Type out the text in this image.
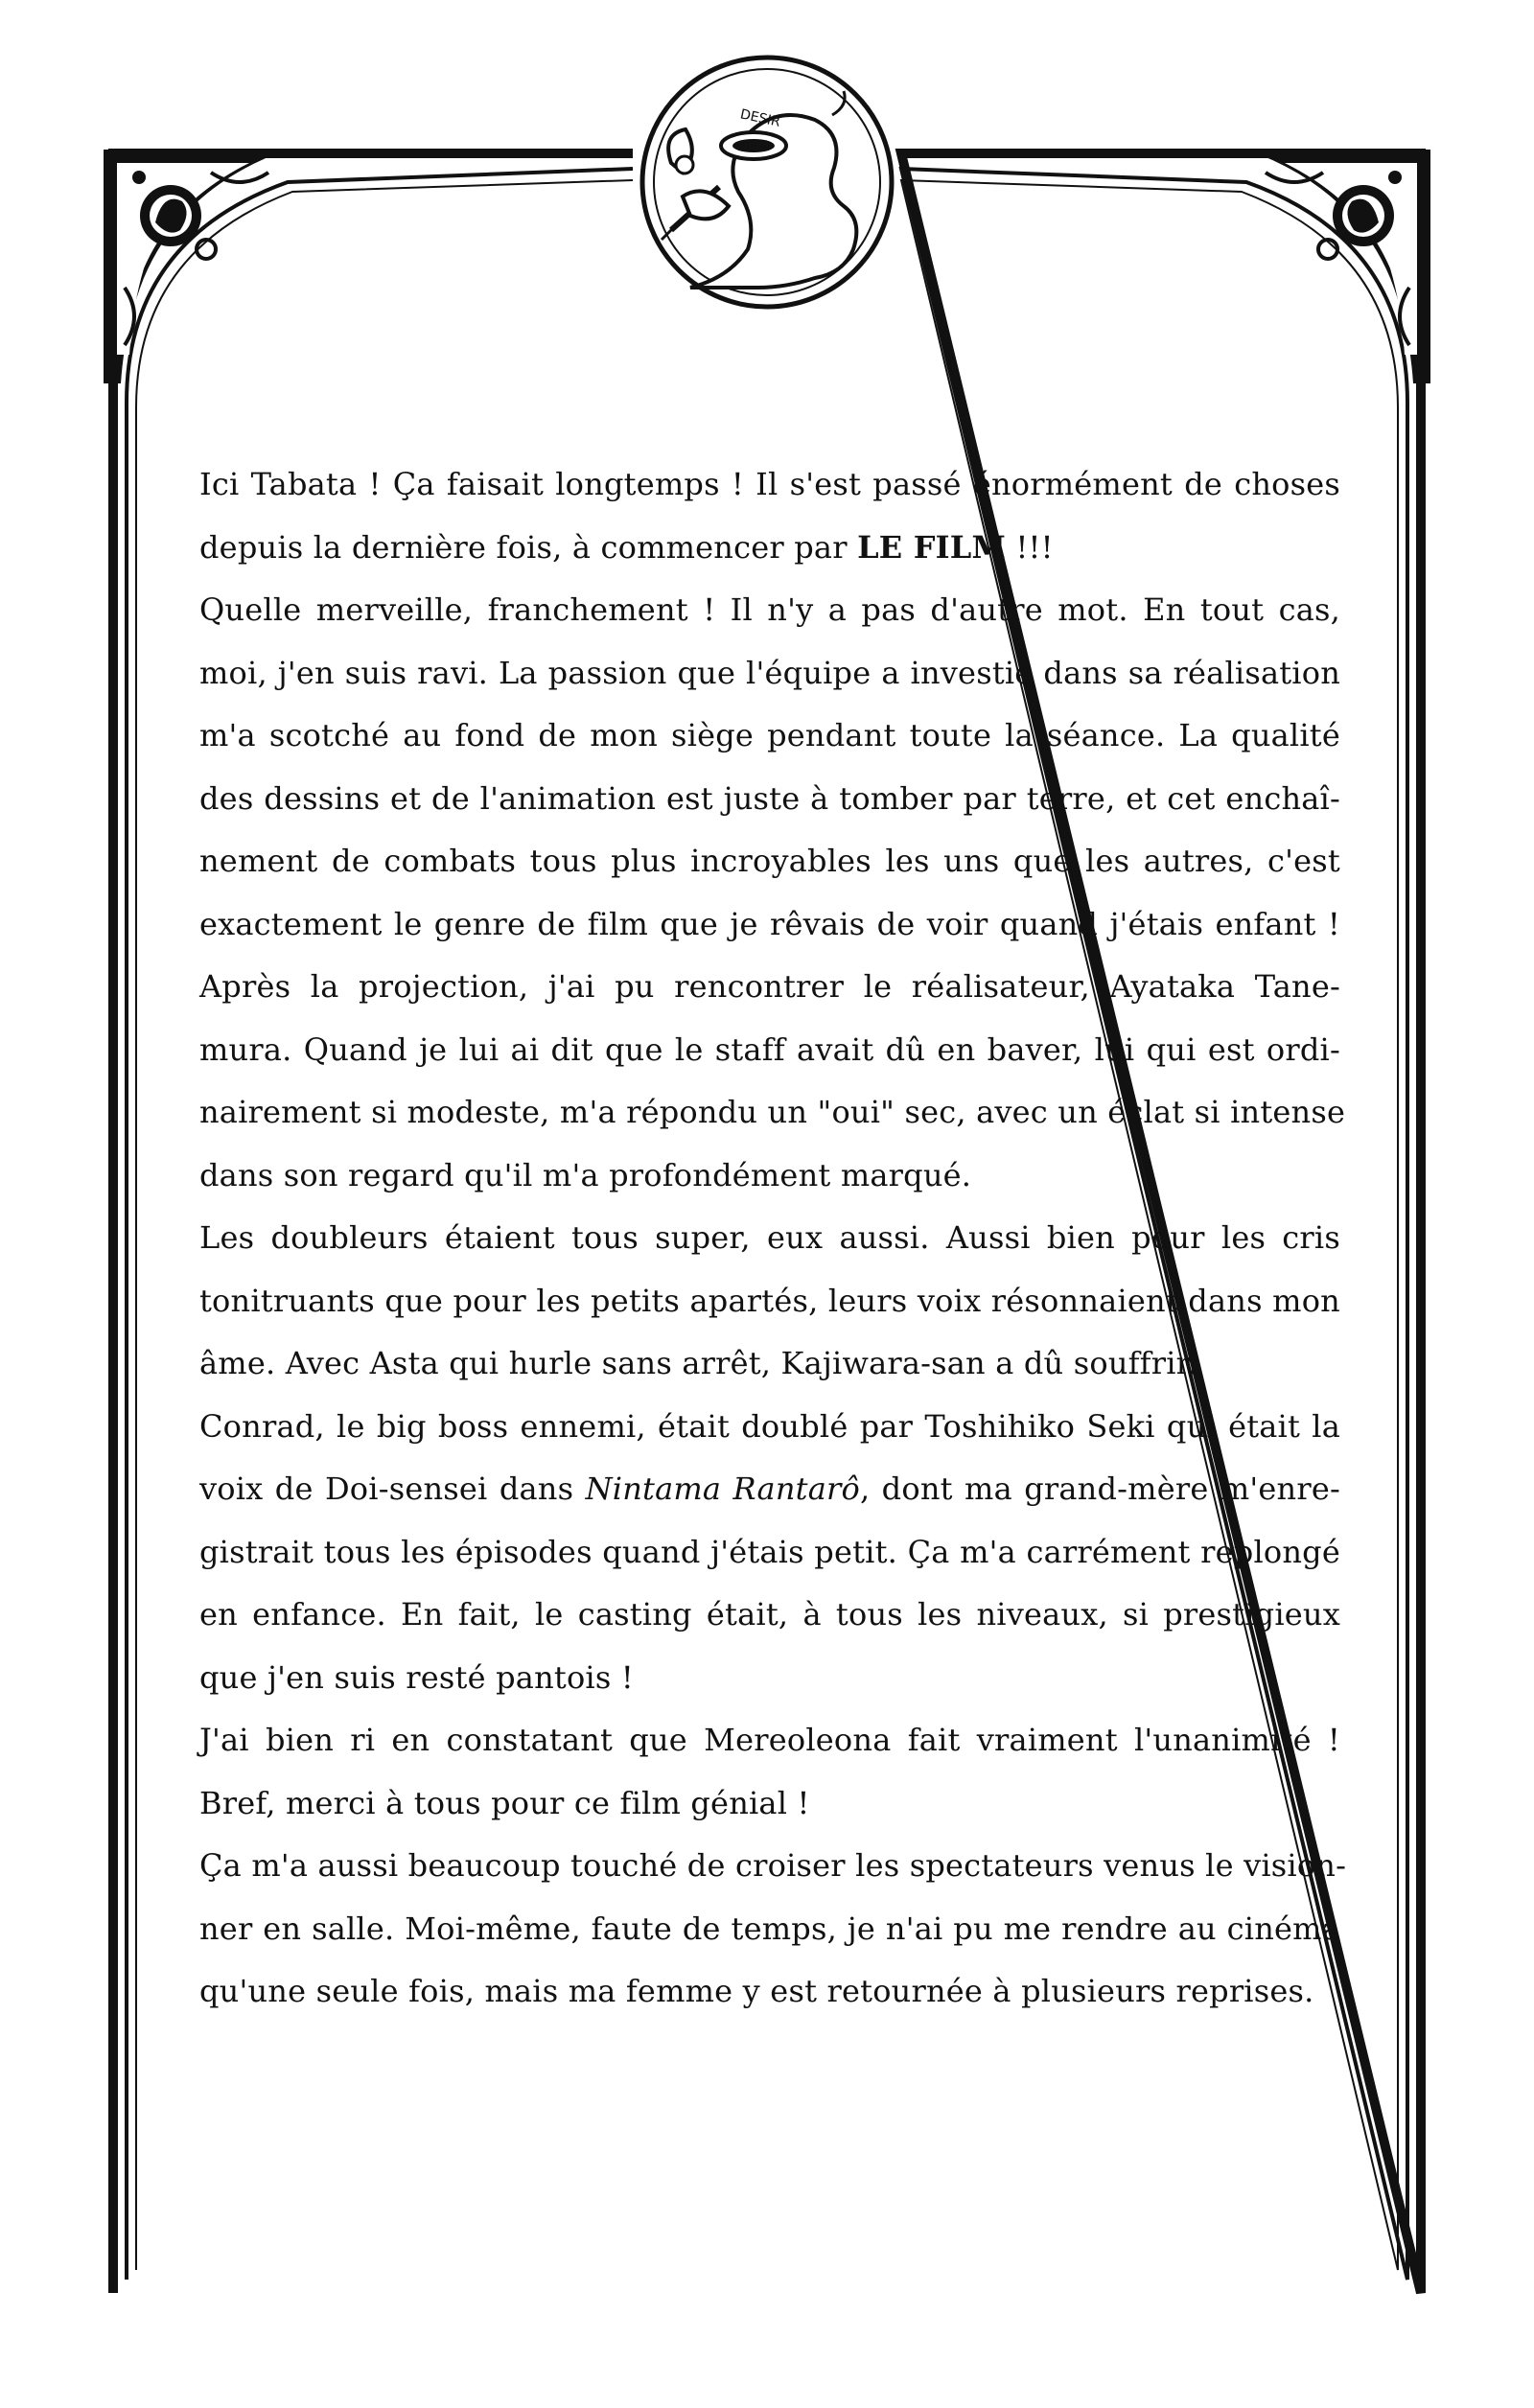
DESIR
Ici Tabata ! Ça faisait longtemps ! Il s'est passé énormément de choses
depuis la dernière fois, à commencer par LE FILM !!!
Quelle merveille, franchement ! Il n'y a pas d'autre mot. En tout cas,
moi, j'en suis ravi. La passion que l'équipe a investie dans sa réalisation
m'a scotché au fond de mon siège pendant toute la séance. La qualité
des dessins et de l'animation est juste à tomber par terre, et cet enchaî-
nement de combats tous plus incroyables les uns que les autres, c'est
exactement le genre de film que je rêvais de voir quand j'étais enfant !
Après la projection, j'ai pu rencontrer le réalisateur, Ayataka Tane-
mura. Quand je lui ai dit que le staff avait dû en baver, lui qui est ordi-
nairement si modeste, m'a répondu un "oui" sec, avec un éclat si intense
dans son regard qu'il m'a profondément marqué.
Les doubleurs étaient tous super, eux aussi. Aussi bien pour les cris
tonitruants que pour les petits apartés, leurs voix résonnaient dans mon
âme. Avec Asta qui hurle sans arrêt, Kajiwara-san a dû souffrir.
Conrad, le big boss ennemi, était doublé par Toshihiko Seki qui était la
voix de Doi-sensei dans Nintama Rantarô, dont ma grand-mère m'enre-
gistrait tous les épisodes quand j'étais petit. Ça m'a carrément replongé
en enfance. En fait, le casting était, à tous les niveaux, si prestigieux
que j'en suis resté pantois !
J'ai bien ri en constatant que Mereoleona fait vraiment l'unanimité !
Bref, merci à tous pour ce film génial !
Ça m'a aussi beaucoup touché de croiser les spectateurs venus le vision-
ner en salle. Moi-même, faute de temps, je n'ai pu me rendre au cinéma
qu'une seule fois, mais ma femme y est retournée à plusieurs reprises.
